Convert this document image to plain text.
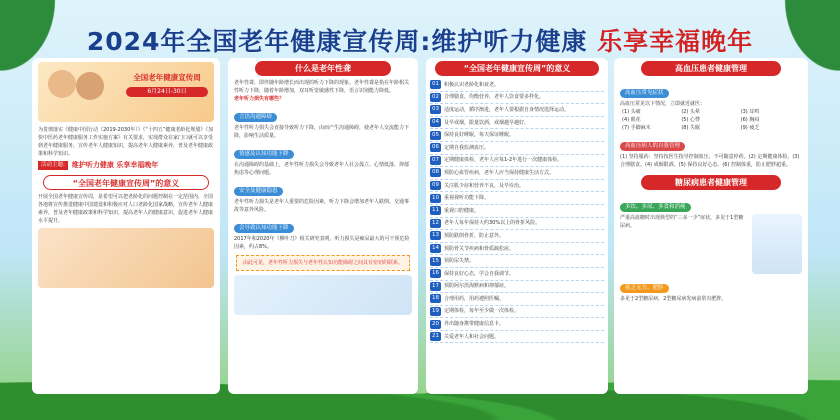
2024年全国老年健康宣传周:维护听力健康 乐享幸福晚年
全国老年健康宣传周
6月24日-30日

为贯彻落实《健康中国行动（2019-2030年）》《“十四五”健康老龄化规划》《加快中医药老年健康服务工作实施方案》有关要求，实现群众在家门口就可以享受到老年健康服务，宣传老年人健康知识，提高老年人健康素养，普及老年健康政策和科学知识。

活动主题:	维护听力健康 乐享幸福晚年
“全国老年健康宣传周”的意义

开展全国老年健康宣传周，是希望可以把老龄化的问题控制在一定范围内，全国各地将宣传推进健康中国建设和积极应对人口老龄化国家战略，宣传老年人健康素养，普及老年健康政策和科学知识，提高老年人的健康意识，促进老年人健康水平提升。

什么是老年性聋

老年性聋，即伴随年龄增长而出现的听力下降的现象。老年性聋是指在年龄相关性听力下降，随着年龄增加，双耳听觉敏感性下降，语言识别能力降低。

老年听力损失有哪些？

言语沟通障碍

老年性听力损失会直接导致听力下降，由而产生沟通障碍，使老年人交流能力下降，影响生活质量。

情感及认知功能下降

在沟通障碍的基础上，老年性听力损失会导致老年人社会孤立、心情低落、抑郁焦虑等心理问题。

安全及健康隐患

老年性听力损失是老年人重要的危险因素，听力下降会增加老年人跌倒、交通事故等意外风险。

会导致认知功能下降

2017年和2020年《柳叶刀》相关研究表明，听力损失是痴呆最大的可干预危险因素，约占8%。

由此可见，老年性听力损失与老年性认知功能障碍之间具有密切的联系。
“全国老年健康宣传周”的意义
01	积极认识老龄化和衰老。
02	合理膳食，均衡营养，老年人饮食要多样化。
03	适度运动，循序渐进，老年人要根据自身情况选择运动。
04	及早戒烟，限量饮酒，戒烟越早越好。
05	保持良好睡眠，每天保证睡眠。
06	定期自我监测血压。
07	定期健康体检，老年人应每1-2年进行一次健康体检。
08	预防心血管疾病，老年人应当保持健康生活方式。
09	关注肌少症和营养不良，及早诊治。
10	重视视听功能下降。
11	重视口腔健康。
12	老年人每年保持大约30%以上的骨折风险。
13	预防跌倒骨折，防止意外。
14	预防骨关节疾病和骨质疏松症。
15	预防尿失禁。
16	保持良好心态，学会自我调节。
17	预防阿尔茨海默病和抑郁症。
18	合理用药，用药遵照医嘱。
19	定期体检，每年至少做一次体检。
20	外出随身携带健康信息卡。
21	关爱老年人和社会问题。
高血压患者健康管理
高血压常见症状

高血压常见以下情况，立即就近就医：

(1) 头痛	(2) 头晕	(3) 耳鸣
(4) 眼花	(5) 心悸	(6) 胸闷
(7) 手脚麻木	(8) 失眠	(9) 疲乏
高血压病人的自我管理

(1) 坚持服药：坚持按医生指导控制血压，不可随意停药。(2) 定期健康体检。(3) 合理膳食。(4) 戒烟限酒。(5) 保持良好心态。(6) 控制体重，防止肥胖超重。

糖尿病患者健康管理
多饮、多尿、多食和消瘦

严重高血糖时出现典型的“三多一少”症状，多见于1型糖尿病。

疲乏无力、肥胖

多见于2型糖尿病，2型糖尿病发病前常有肥胖。
